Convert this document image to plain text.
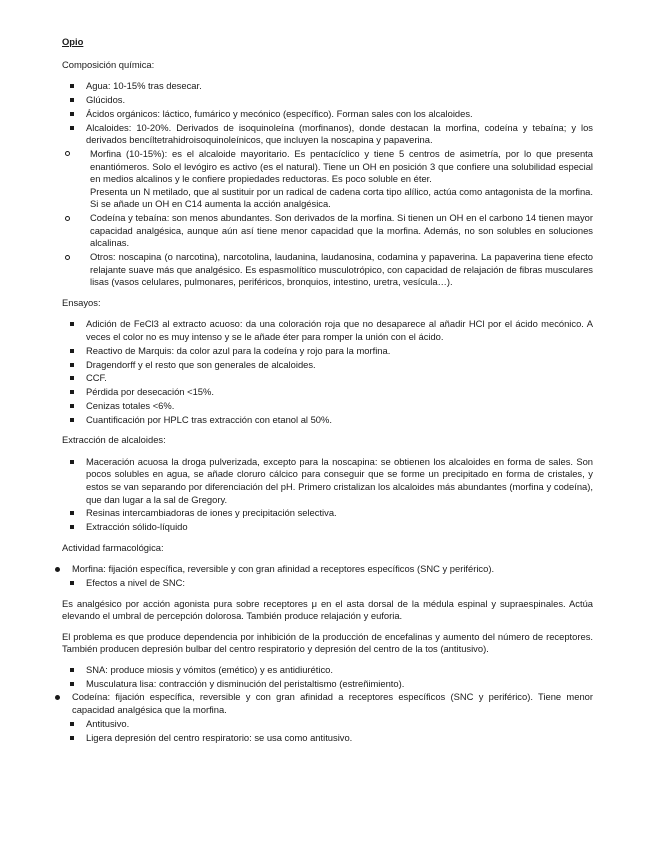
Opio
Composición química:
Agua: 10-15% tras desecar.
Glúcidos.
Ácidos orgánicos: láctico, fumárico y mecónico (específico). Forman sales con los alcaloides.
Alcaloides: 10-20%. Derivados de isoquinoleína (morfinanos), donde destacan la morfina, codeína y tebaína; y los derivados bencíltetrahidroisoquinoleínicos, que incluyen la noscapina y papaverina.
Morfina (10-15%): es el alcaloide mayoritario. Es pentacíclico y tiene 5 centros de asimetría, por lo que presenta enantiómeros. Solo el levógiro es activo (es el natural). Tiene un OH en posición 3 que confiere una solubilidad especial en medios alcalinos y le confiere propiedades reductoras. Es poco soluble en éter.
Presenta un N metilado, que al sustituir por un radical de cadena corta tipo alílico, actúa como antagonista de la morfina. Si se añade un OH en C14 aumenta la acción analgésica.
Codeína y tebaína: son menos abundantes. Son derivados de la morfina. Si tienen un OH en el carbono 14 tienen mayor capacidad analgésica, aunque aún así tiene menor capacidad que la morfina. Además, no son solubles en soluciones alcalinas.
Otros: noscapina (o narcotina), narcotolina, laudanina, laudanosina, codamina y papaverina. La papaverina tiene efecto relajante suave más que analgésico. Es espasmolítico musculotrópico, con capacidad de relajación de fibras musculares lisas (vasos celulares, pulmonares, periféricos, bronquios, intestino, uretra, vesícula…).
Ensayos:
Adición de FeCl3 al extracto acuoso: da una coloración roja que no desaparece al añadir HCl por el ácido mecónico. A veces el color no es muy intenso y se le añade éter para romper la unión con el ácido.
Reactivo de Marquis: da color azul para la codeína y rojo para la morfina.
Dragendorff y el resto que son generales de alcaloides.
CCF.
Pérdida por desecación <15%.
Cenizas totales <6%.
Cuantificación por HPLC tras extracción con etanol al 50%.
Extracción de alcaloides:
Maceración acuosa la droga pulverizada, excepto para la noscapina: se obtienen los alcaloides en forma de sales. Son pocos solubles en agua, se añade cloruro cálcico para conseguir que se forme un precipitado en forma de cristales, y estos se van separando por diferenciación del pH. Primero cristalizan los alcaloides más abundantes (morfina y codeína), que dan lugar a la sal de Gregory.
Resinas intercambiadoras de iones y precipitación selectiva.
Extracción sólido-líquido
Actividad farmacológica:
Morfina: fijación específica, reversible y con gran afinidad a receptores específicos (SNC y periférico).
Efectos a nivel de SNC:
Es analgésico por acción agonista pura sobre receptores μ en el asta dorsal de la médula espinal y supraespinales. Actúa elevando el umbral de percepción dolorosa. También produce relajación y euforia.
El problema es que produce dependencia por inhibición de la producción de encefalinas y aumento del número de receptores. También producen depresión bulbar del centro respiratorio y depresión del centro de la tos (antitusivo).
SNA: produce miosis y vómitos (emético) y es antidiurético.
Musculatura lisa: contracción y disminución del peristaltismo (estreñimiento).
Codeína: fijación específica, reversible y con gran afinidad a receptores específicos (SNC y periférico). Tiene menor capacidad analgésica que la morfina.
Antitusivo.
Ligera depresión del centro respiratorio: se usa como antitusivo.
